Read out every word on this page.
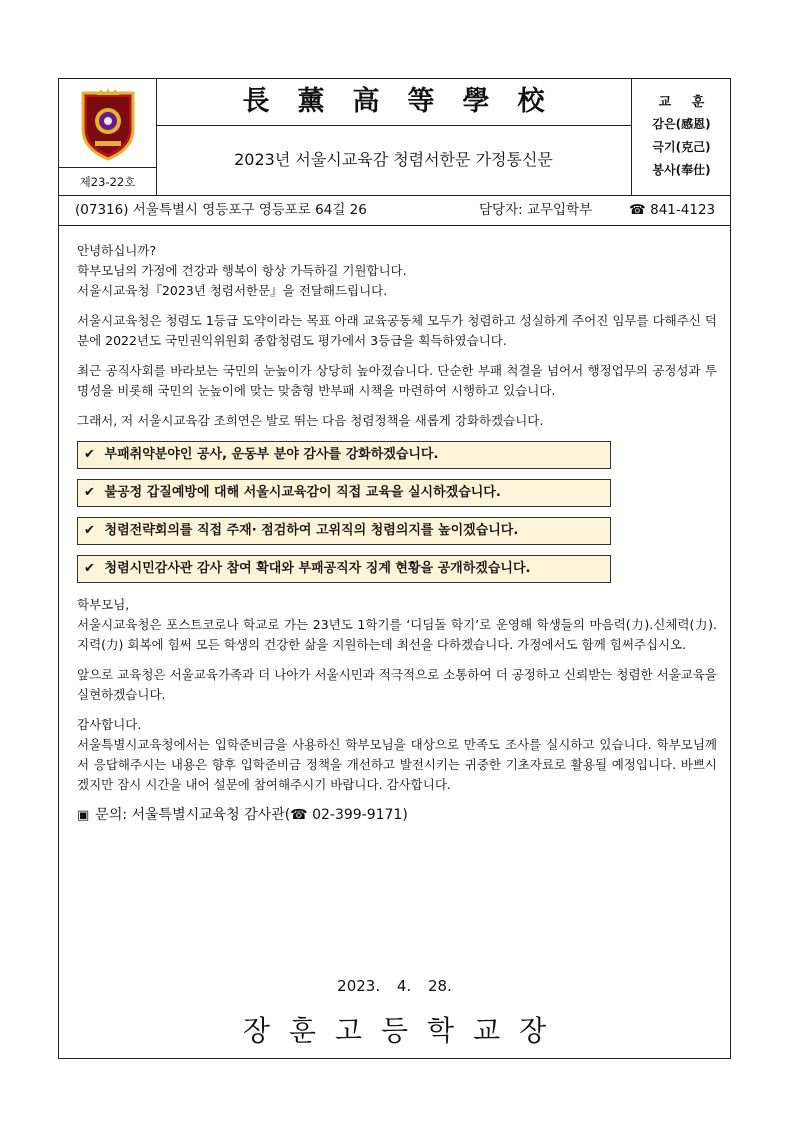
제23-22호
長薰高等學校
2023년 서울시교육감 청렴서한문 가정통신문
교 훈
감은(感恩)
극기(克己)
봉사(奉仕)
(07316) 서울특별시 영등포구 영등포로 64길 26	담당자: 교무입학부	☎ 841-4123

안녕하십니까?

학부모님의 가정에 건강과 행복이 항상 가득하길 기원합니다.

서울시교육청『2023년 청렴서한문』을 전달해드립니다.

서울시교육청은 청렴도 1등급 도약이라는 목표 아래 교육공동체 모두가 청렴하고 성실하게 주어진 임무를 다해주신 덕분에 2022년도 국민권익위원회 종합청렴도 평가에서 3등급을 획득하였습니다.

최근 공직사회를 바라보는 국민의 눈높이가 상당히 높아졌습니다. 단순한 부패 척결을 넘어서 행정업무의 공정성과 투명성을 비롯해 국민의 눈높이에 맞는 맞춤형 반부패 시책을 마련하여 시행하고 있습니다.

그래서, 저 서울시교육감 조희연은 발로 뛰는 다음 청렴정책을 새롭게 강화하겠습니다.

✔ 부패취약분야인 공사, 운동부 분야 감사를 강화하겠습니다.
✔ 불공정 갑질예방에 대해 서울시교육감이 직접 교육을 실시하겠습니다.
✔ 청렴전략회의를 직접 주재· 점검하여 고위직의 청렴의지를 높이겠습니다.
✔ 청렴시민감사관 감사 참여 확대와 부패공직자 징계 현황을 공개하겠습니다.

학부모님,

서울시교육청은 포스트코로나 학교로 가는 23년도 1학기를 ‘디딤돌 학기’로 운영해 학생들의 마음력(力).신체력(力).지력(力) 회복에 힘써 모든 학생의 건강한 삶을 지원하는데 최선을 다하겠습니다. 가정에서도 함께 힘써주십시오.

앞으로 교육청은 서울교육가족과 더 나아가 서울시민과 적극적으로 소통하여 더 공정하고 신뢰받는 청렴한 서울교육을 실현하겠습니다.

감사합니다.

서울특별시교육청에서는 입학준비금을 사용하신 학부모님을 대상으로 만족도 조사를 실시하고 있습니다. 학부모님께서 응답해주시는 내용은 향후 입학준비금 정책을 개선하고 발전시키는 귀중한 기초자료로 활용될 예정입니다. 바쁘시겠지만 잠시 시간을 내어 설문에 참여해주시기 바랍니다. 감사합니다.

▣ 문의: 서울특별시교육청 감사관(☎ 02-399-9171)
2023. 4. 28.
장훈고등학교장
